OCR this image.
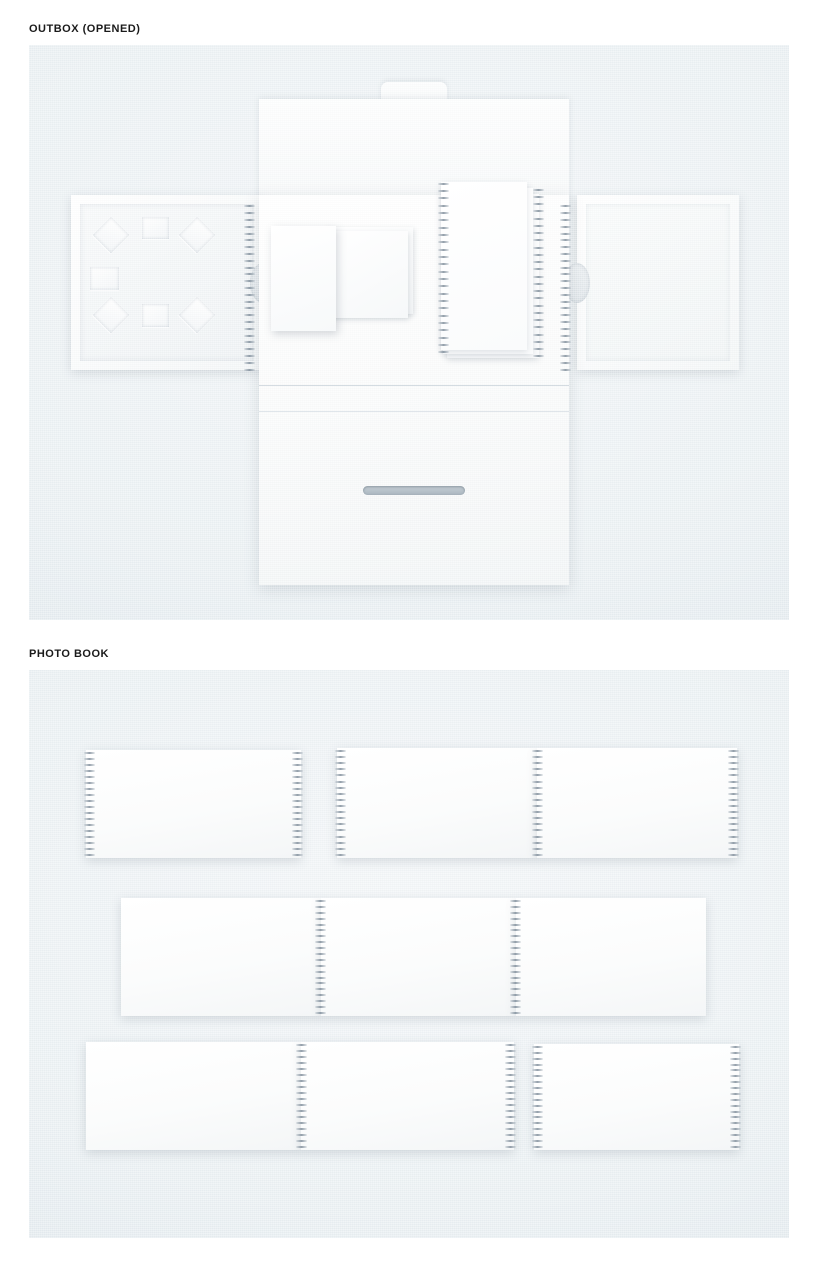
OUTBOX (OPENED)
PHOTO BOOK
